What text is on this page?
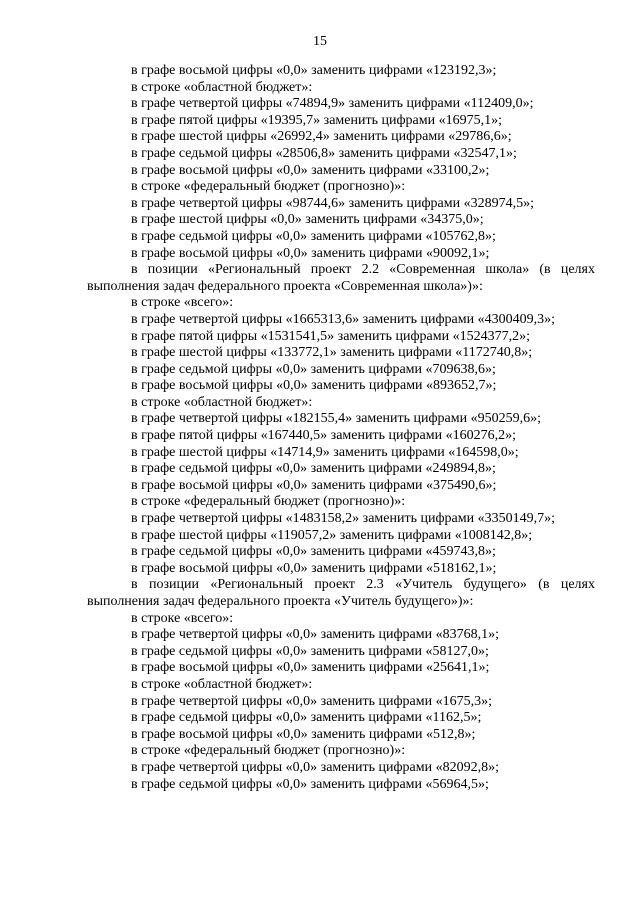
15
в графе восьмой цифры «0,0» заменить цифрами «123192,3»;
в строке «областной бюджет»:
в графе четвертой цифры «74894,9» заменить цифрами «112409,0»;
в графе пятой цифры «19395,7» заменить цифрами «16975,1»;
в графе шестой цифры «26992,4» заменить цифрами «29786,6»;
в графе седьмой цифры «28506,8» заменить цифрами «32547,1»;
в графе восьмой цифры «0,0» заменить цифрами «33100,2»;
в строке «федеральный бюджет (прогнозно)»:
в графе четвертой цифры «98744,6» заменить цифрами «328974,5»;
в графе шестой цифры «0,0» заменить цифрами «34375,0»;
в графе седьмой цифры «0,0» заменить цифрами «105762,8»;
в графе восьмой цифры «0,0» заменить цифрами «90092,1»;
в позиции «Региональный проект 2.2 «Современная школа» (в целях
выполнения задач федерального проекта «Современная школа»)»:
в строке «всего»:
в графе четвертой цифры «1665313,6» заменить цифрами «4300409,3»;
в графе пятой цифры «1531541,5» заменить цифрами «1524377,2»;
в графе шестой цифры «133772,1» заменить цифрами «1172740,8»;
в графе седьмой цифры «0,0» заменить цифрами «709638,6»;
в графе восьмой цифры «0,0» заменить цифрами «893652,7»;
в строке «областной бюджет»:
в графе четвертой цифры «182155,4» заменить цифрами «950259,6»;
в графе пятой цифры «167440,5» заменить цифрами «160276,2»;
в графе шестой цифры «14714,9» заменить цифрами «164598,0»;
в графе седьмой цифры «0,0» заменить цифрами «249894,8»;
в графе восьмой цифры «0,0» заменить цифрами «375490,6»;
в строке «федеральный бюджет (прогнозно)»:
в графе четвертой цифры «1483158,2» заменить цифрами «3350149,7»;
в графе шестой цифры «119057,2» заменить цифрами «1008142,8»;
в графе седьмой цифры «0,0» заменить цифрами «459743,8»;
в графе восьмой цифры «0,0» заменить цифрами «518162,1»;
в позиции «Региональный проект 2.3 «Учитель будущего» (в целях
выполнения задач федерального проекта «Учитель будущего»)»:
в строке «всего»:
в графе четвертой цифры «0,0» заменить цифрами «83768,1»;
в графе седьмой цифры «0,0» заменить цифрами «58127,0»;
в графе восьмой цифры «0,0» заменить цифрами «25641,1»;
в строке «областной бюджет»:
в графе четвертой цифры «0,0» заменить цифрами «1675,3»;
в графе седьмой цифры «0,0» заменить цифрами «1162,5»;
в графе восьмой цифры «0,0» заменить цифрами «512,8»;
в строке «федеральный бюджет (прогнозно)»:
в графе четвертой цифры «0,0» заменить цифрами «82092,8»;
в графе седьмой цифры «0,0» заменить цифрами «56964,5»;
